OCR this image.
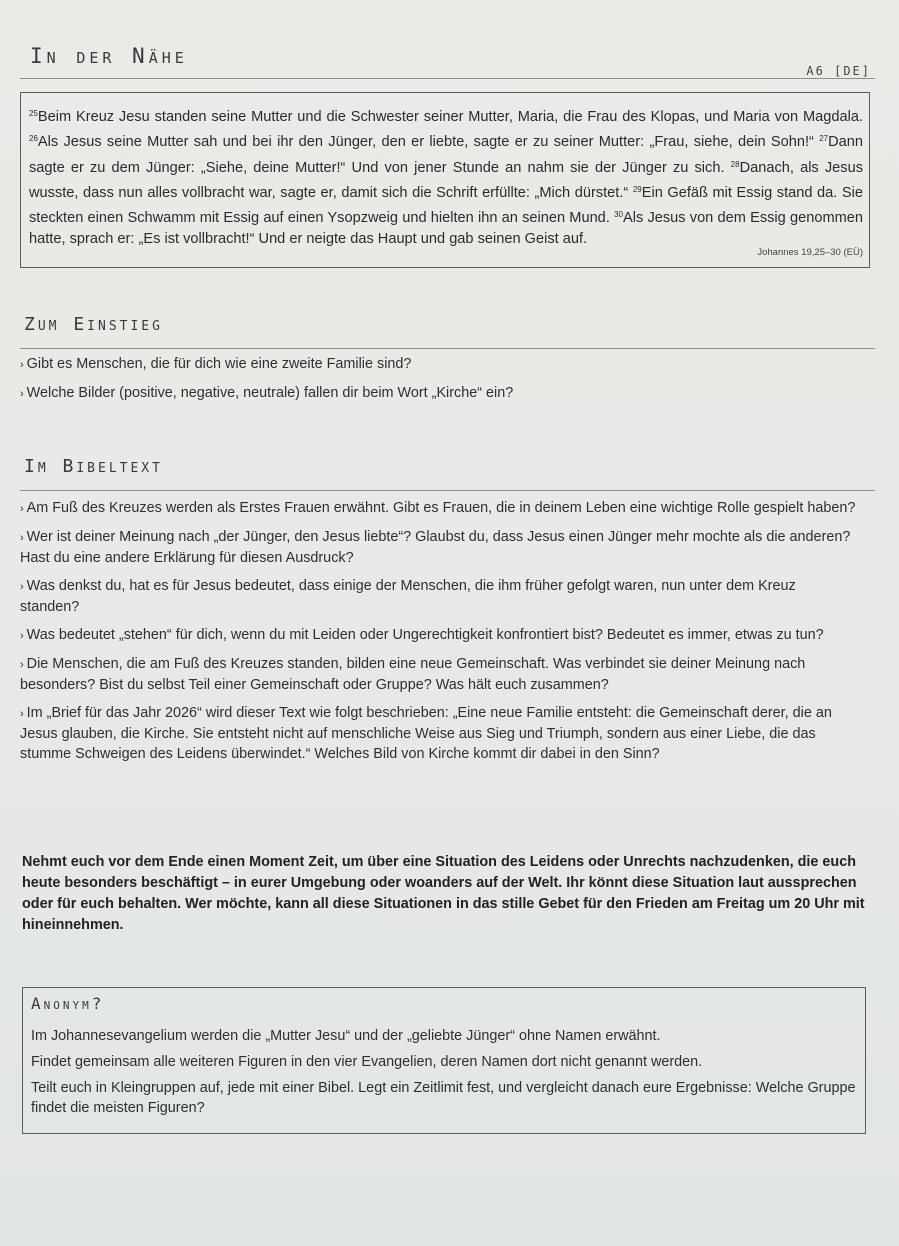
In der Nähe
A6 [DE]
$^{25}$Beim Kreuz Jesu standen seine Mutter und die Schwester seiner Mutter, Maria, die Frau des Klopas, und Maria von Magdala. $^{26}$Als Jesus seine Mutter sah und bei ihr den Jünger, den er liebte, sagte er zu seiner Mutter: „Frau, siehe, dein Sohn!“ $^{27}$Dann sagte er zu dem Jünger: „Siehe, deine Mutter!“ Und von jener Stunde an nahm sie der Jünger zu sich. $^{28}$Danach, als Jesus wusste, dass nun alles vollbracht war, sagte er, damit sich die Schrift erfüllte: „Mich dürstet.“ $^{29}$Ein Gefäß mit Essig stand da. Sie steckten einen Schwamm mit Essig auf einen Ysopzweig und hielten ihn an seinen Mund. $^{30}$Als Jesus von dem Essig genommen hatte, sprach er: „Es ist vollbracht!“ Und er neigte das Haupt und gab seinen Geist auf.
Johannes 19,25–30 (EÜ)
Zum Einstieg

› Gibt es Menschen, die für dich wie eine zweite Familie sind?

› Welche Bilder (positive, negative, neutrale) fallen dir beim Wort „Kirche“ ein?

Im Bibeltext

› Am Fuß des Kreuzes werden als Erstes Frauen erwähnt. Gibt es Frauen, die in deinem Leben eine wichtige Rolle gespielt haben?

› Wer ist deiner Meinung nach „der Jünger, den Jesus liebte“? Glaubst du, dass Jesus einen Jünger mehr mochte als die anderen? Hast du eine andere Erklärung für diesen Ausdruck?

› Was denkst du, hat es für Jesus bedeutet, dass einige der Menschen, die ihm früher gefolgt waren, nun unter dem Kreuz standen?

› Was bedeutet „stehen“ für dich, wenn du mit Leiden oder Ungerechtigkeit konfrontiert bist? Bedeutet es immer, etwas zu tun?

› Die Menschen, die am Fuß des Kreuzes standen, bilden eine neue Gemeinschaft. Was verbindet sie deiner Meinung nach besonders? Bist du selbst Teil einer Gemeinschaft oder Gruppe? Was hält euch zusammen?

› Im „Brief für das Jahr 2026“ wird dieser Text wie folgt beschrieben: „Eine neue Familie entsteht: die Gemeinschaft derer, die an Jesus glauben, die Kirche. Sie entsteht nicht auf menschliche Weise aus Sieg und Triumph, sondern aus einer Liebe, die das stumme Schweigen des Leidens überwindet.“ Welches Bild von Kirche kommt dir dabei in den Sinn?

Nehmt euch vor dem Ende einen Moment Zeit, um über eine Situation des Leidens oder Unrechts nachzudenken, die euch heute besonders beschäftigt – in eurer Umgebung oder woanders auf der Welt. Ihr könnt diese Situation laut aussprechen oder für euch behalten. Wer möchte, kann all diese Situationen in das stille Gebet für den Frieden am Freitag um 20 Uhr mit hineinnehmen.
Anonym?

Im Johannesevangelium werden die „Mutter Jesu“ und der „geliebte Jünger“ ohne Namen erwähnt.

Findet gemeinsam alle weiteren Figuren in den vier Evangelien, deren Namen dort nicht genannt werden.

Teilt euch in Kleingruppen auf, jede mit einer Bibel. Legt ein Zeitlimit fest, und vergleicht danach eure Ergebnisse: Welche Gruppe findet die meisten Figuren?
